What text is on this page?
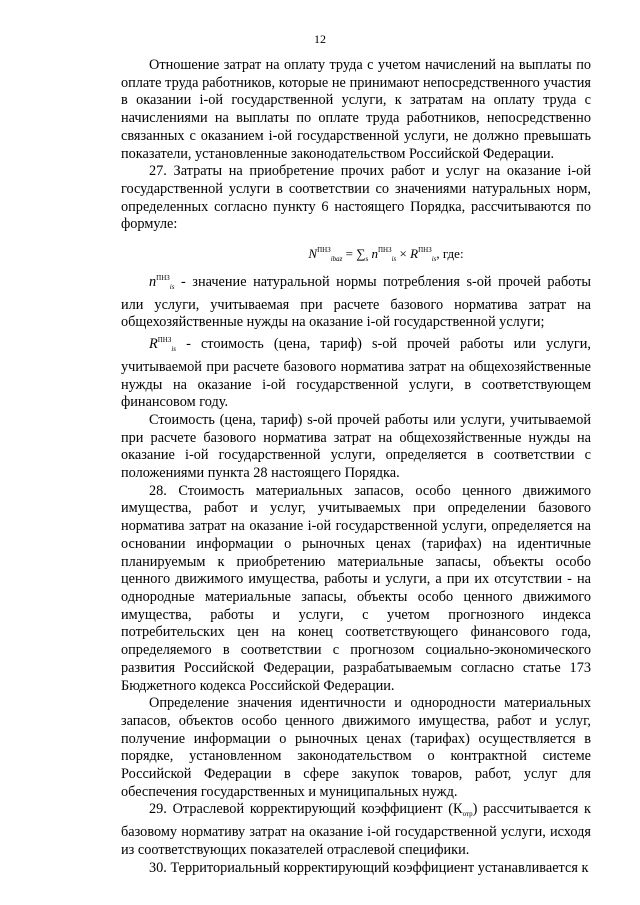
12

Отношение затрат на оплату труда с учетом начислений на выплаты по оплате труда работников, которые не принимают непосредственного участия в оказании i-ой государственной услуги, к затратам на оплату труда с начислениями на выплаты по оплате труда работников, непосредственно связанных с оказанием i-ой государственной услуги, не должно превышать показатели, установленные законодательством Российской Федерации.

27. Затраты на приобретение прочих работ и услуг на оказание i-ой государственной услуги в соответствии со значениями натуральных норм, определенных согласно пункту 6 настоящего Порядка, рассчитываются по формуле:

$N^{ПНЗ}_{ibaz} = \sum_s$ $n^{ПНЗ}_{is} \times R^{ПНЗ}_{is}$, где:

$n^{ПНЗ}_{is}$ - значение натуральной нормы потребления s-ой прочей работы или услуги, учитываемая при расчете базового норматива затрат на общехозяйственные нужды на оказание i-ой государственной услуги;

$R^{ПНЗ}_{is}$ - стоимость (цена, тариф) s-ой прочей работы или услуги, учитываемой при расчете базового норматива затрат на общехозяйственные нужды на оказание i-ой государственной услуги, в соответствующем финансовом году.

Стоимость (цена, тариф) s-ой прочей работы или услуги, учитываемой при расчете базового норматива затрат на общехозяйственные нужды на оказание i-ой государственной услуги, определяется в соответствии с положениями пункта 28 настоящего Порядка.

28. Стоимость материальных запасов, особо ценного движимого имущества, работ и услуг, учитываемых при определении базового норматива затрат на оказание i-ой государственной услуги, определяется на основании информации о рыночных ценах (тарифах) на идентичные планируемым к приобретению материальные запасы, объекты особо ценного движимого имущества, работы и услуги, а при их отсутствии - на однородные материальные запасы, объекты особо ценного движимого имущества, работы и услуги, с учетом прогнозного индекса потребительских цен на конец соответствующего финансового года, определяемого в соответствии с прогнозом социально-экономического развития Российской Федерации, разрабатываемым согласно статье 173 Бюджетного кодекса Российской Федерации.

Определение значения идентичности и однородности материальных запасов, объектов особо ценного движимого имущества, работ и услуг, получение информации о рыночных ценах (тарифах) осуществляется в порядке, установленном законодательством о контрактной системе Российской Федерации в сфере закупок товаров, работ, услуг для обеспечения государственных и муниципальных нужд.

29. Отраслевой корректирующий коэффициент $(К_{отр})$ рассчитывается к базовому нормативу затрат на оказание i-ой государственной услуги, исходя из соответствующих показателей отраслевой специфики.

30. Территориальный корректирующий коэффициент устанавливается к
